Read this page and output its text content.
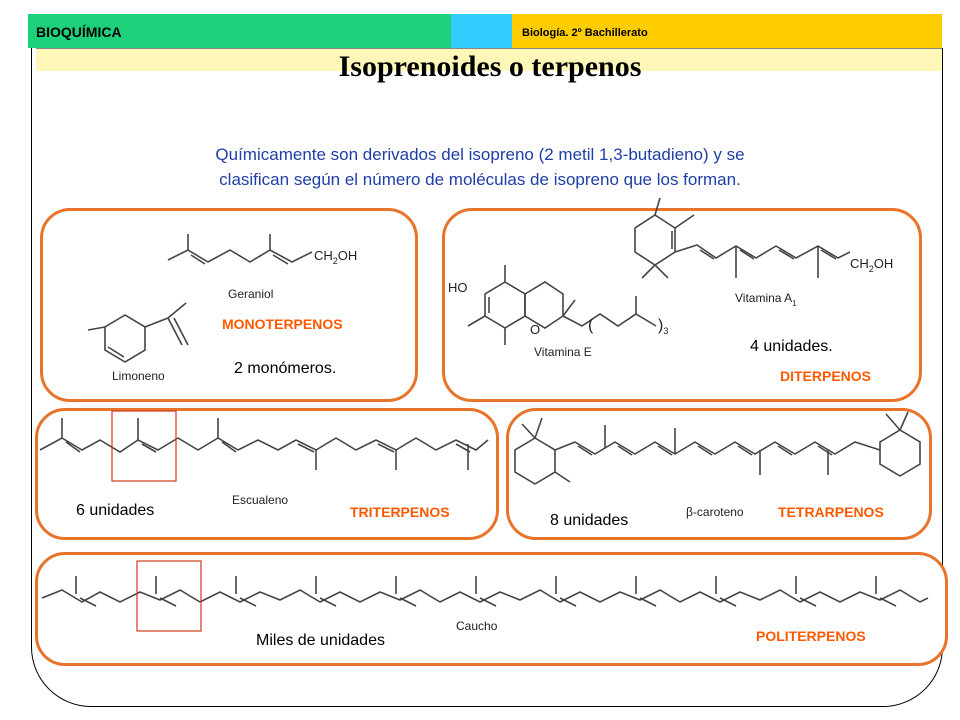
BIOQUÍMICA	Biología. 2º Bachillerato
Isoprenoides o terpenos
Químicamente son derivados del isopreno (2 metil 1,3-butadieno) y se
clasifican según el número de moléculas de isopreno que los forman.
$CH_2OH$
Geraniol
Limoneno
$CH_2OH$
Vitamina $A_1$
HO
O	(	)$_3$
Vitamina E
Escualeno
β-caroteno
Caucho
MONOTERPENOS
2 monómeros.
4 unidades.
DITERPENOS
6 unidades	TRITERPENOS	8 unidades	TETRARPENOS
Miles de unidades	POLITERPENOS
